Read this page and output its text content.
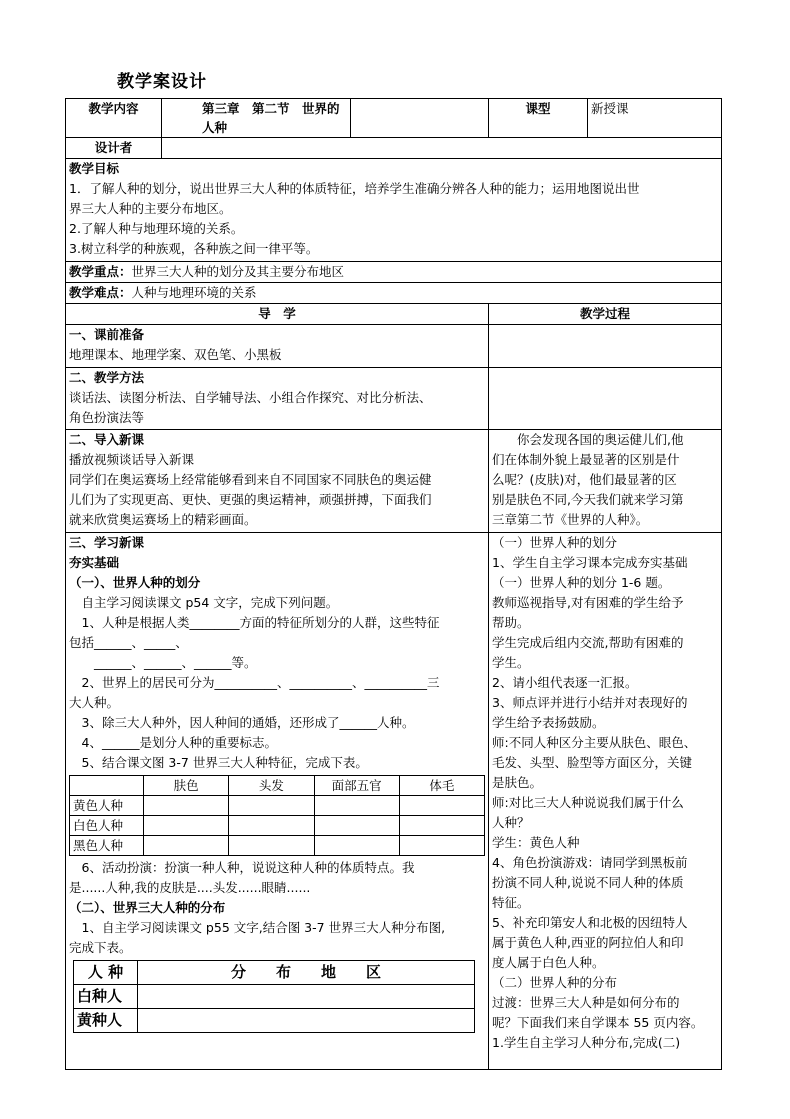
教学案设计
教学内容	第三章　第二节　世界的人种		课型	新授课
设计者	

教学目标
1．了解人种的划分，说出世界三大人种的体质特征，培养学生准确分辨各人种的能力；运用地图说出世
界三大人种的主要分布地区。
2.了解人种与地理环境的关系。
3.树立科学的种族观，各种族之间一律平等。

教学重点：世界三大人种的划分及其主要分布地区
教学难点：人种与地理环境的关系
导　学	教学过程

一、课前准备
地理课本、地理学案、双色笔、小黑板

二、教学方法
谈话法、读图分析法、自学辅导法、小组合作探究、对比分析法、
角色扮演法等

二、导入新课
播放视频谈话导入新课
同学们在奥运赛场上经常能够看到来自不同国家不同肤色的奥运健
儿们为了实现更高、更快、更强的奥运精神，顽强拼搏，下面我们
就来欣赏奥运赛场上的精彩画面。

　　你会发现各国的奥运健儿们,他
们在体制外貌上最显著的区别是什
么呢？(皮肤)对，他们最显著的区
别是肤色不同,今天我们就来学习第
三章第二节《世界的人种》。

三、学习新课
夯实基础
（一）、世界人种的划分
　自主学习阅读课文 p54 文字，完成下列问题。
　1、人种是根据人类________方面的特征所划分的人群，这些特征
包括______、_____、
　　______、______、______等。
　2、世界上的居民可分为__________、__________、__________三
大人种。
　3、除三大人种外，因人种间的通婚，还形成了______人种。
　4、______是划分人种的重要标志。
　5、结合课文图 3-7 世界三大人种特征，完成下表。
	肤色	头发	面部五官	体毛
黄色人种				
白色人种				
黑色人种				
　6、活动扮演：扮演一种人种，说说这种人种的体质特点。我
是......人种,我的皮肤是....头发......眼睛......
（二）、世界三大人种的分布
　1、自主学习阅读课文 p55 文字,结合图 3-7 世界三大人种分布图,
完成下表。
人 种	分　　布　　地　　区
白种人	
黄种人	

（一）世界人种的划分
1、学生自主学习课本完成夯实基础
（一）世界人种的划分 1-6 题。
教师巡视指导,对有困难的学生给予
帮助。
学生完成后组内交流,帮助有困难的
学生。
2、请小组代表逐一汇报。
3、师点评并进行小结并对表现好的
学生给予表扬鼓励。
师:不同人种区分主要从肤色、眼色、
毛发、头型、脸型等方面区分，关键
是肤色。
师:对比三大人种说说我们属于什么
人种？
学生：黄色人种
4、角色扮演游戏：请同学到黑板前
扮演不同人种,说说不同人种的体质
特征。
5、补充印第安人和北极的因纽特人
属于黄色人种,西亚的阿拉伯人和印
度人属于白色人种。
（二）世界人种的分布
过渡：世界三大人种是如何分布的
呢？下面我们来自学课本 55 页内容。
1.学生自主学习人种分布,完成(二)
